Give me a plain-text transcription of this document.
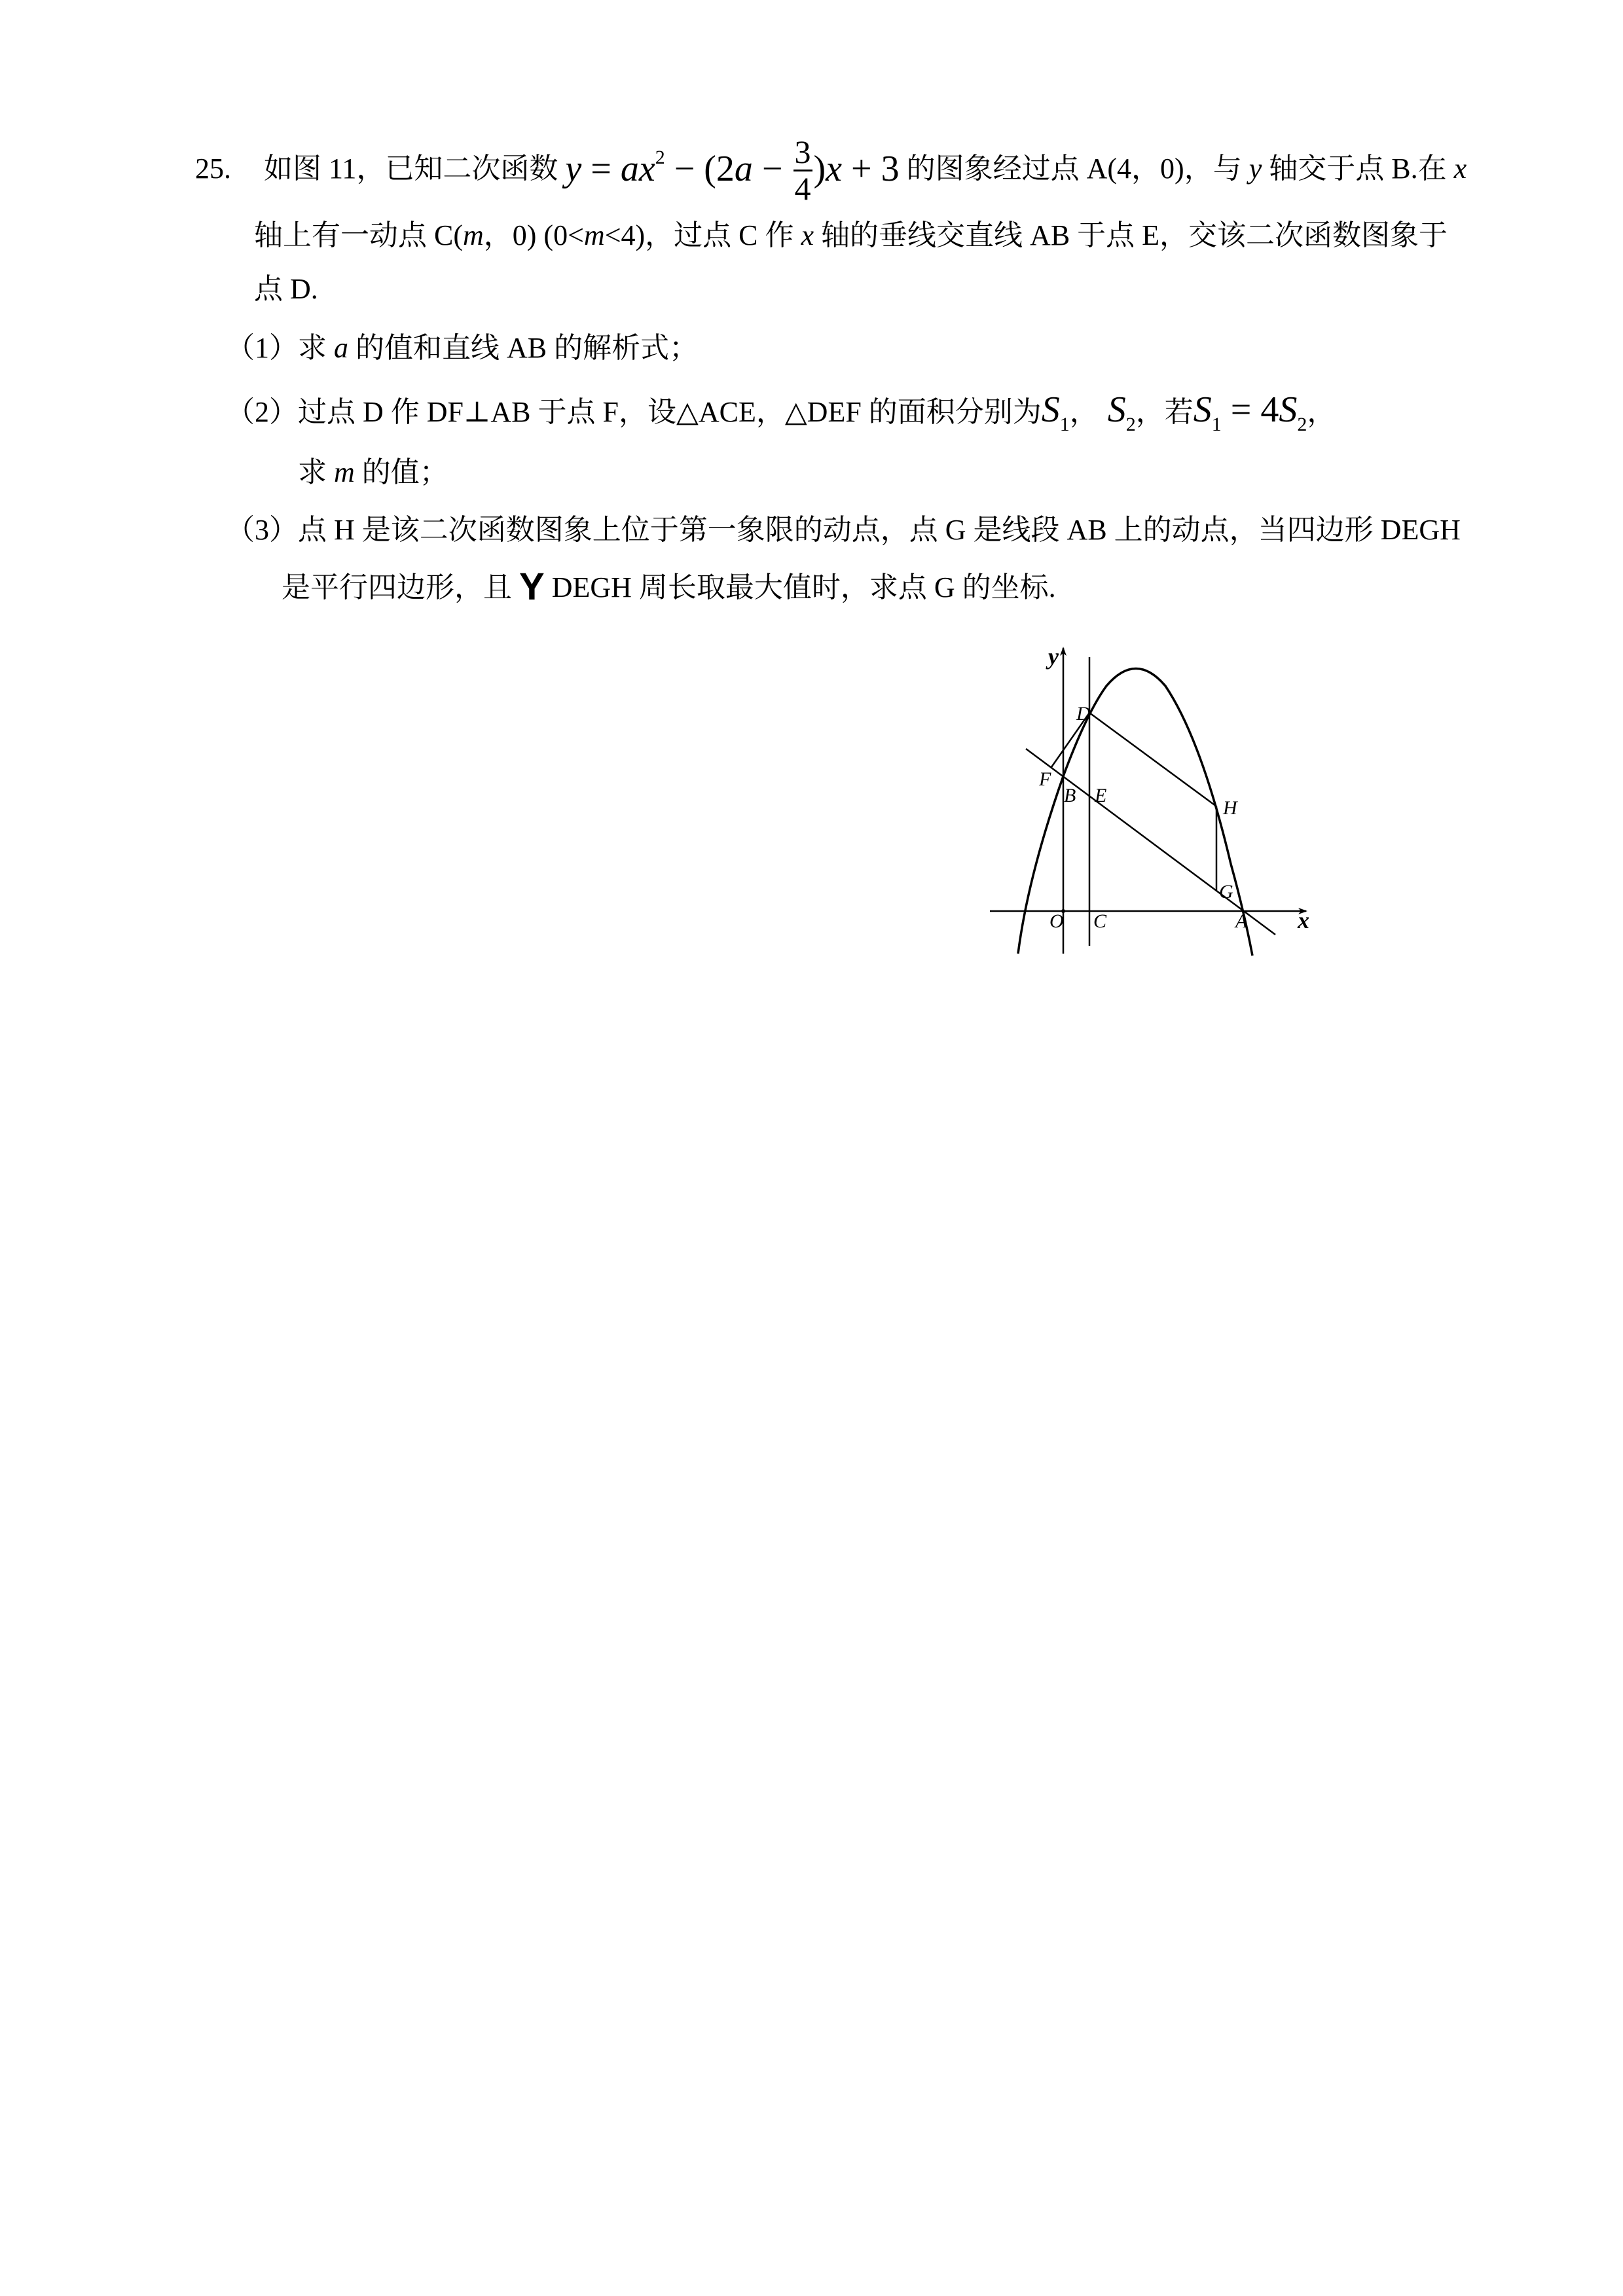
25. 如图 11，已知二次函数 $y = ax^2 - (2a - \frac{3}{4} )x + 3$ 的图象经过点 A(4，0)，与 y 轴交于点 B.在 x
轴上有一动点 C(m，0) (0<m<4)，过点 C 作 x 轴的垂线交直线 AB 于点 E，交该二次函数图象于
点 D.
（1）求 a 的值和直线 AB 的解析式；
（2）过点 D 作 DF⊥AB 于点 F，设△ACE，△DEF 的面积分别为$S_1$， $S_2$，若$S_1 = 4S_2$，
求 m 的值；
（3）点 H 是该二次函数图象上位于第一象限的动点，点 G 是线段 AB 上的动点，当四边形 DEGH
是平行四边形，且 Y DEGH 周长取最大值时，求点 G 的坐标.
y
x
D
F
B E
H
G
O C	A
